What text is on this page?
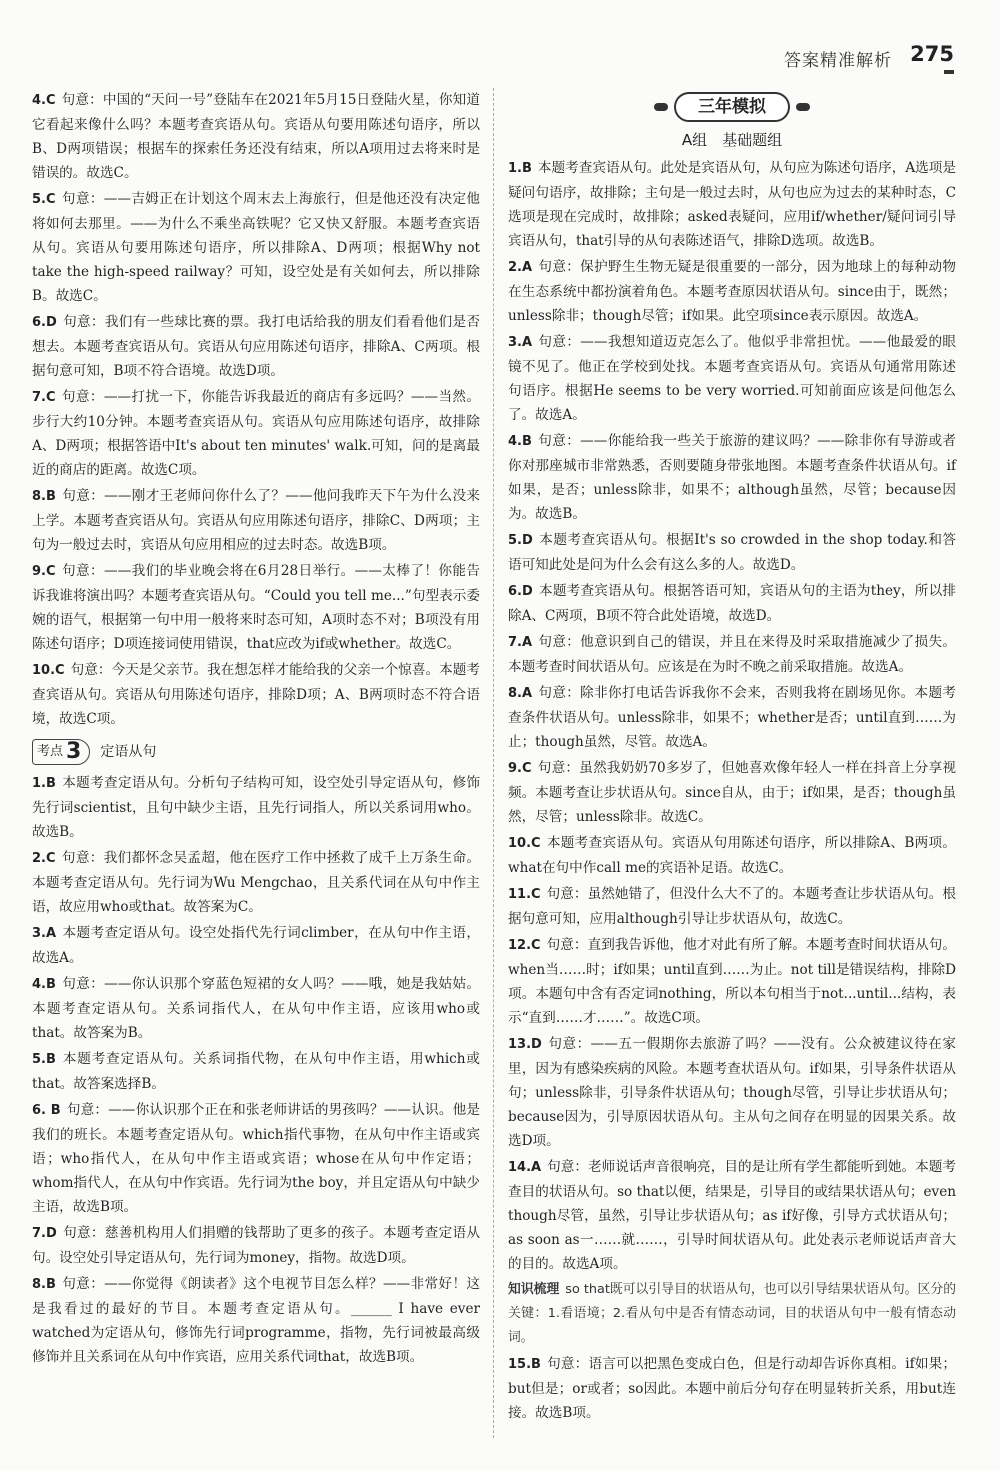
答案精准解析 275
4.C 句意：中国的“天问一号”登陆车在2021年5月15日登陆火星，你知道它看起来像什么吗？本题考查宾语从句。宾语从句要用陈述句语序，所以B、D两项错误；根据车的探索任务还没有结束，所以A项用过去将来时是错误的。故选C。
5.C 句意：——吉姆正在计划这个周末去上海旅行，但是他还没有决定他将如何去那里。——为什么不乘坐高铁呢？它又快又舒服。本题考查宾语从句。宾语从句要用陈述句语序，所以排除A、D两项；根据Why not take the high-speed railway？可知，设空处是有关如何去，所以排除B。故选C。
6.D 句意：我们有一些球比赛的票。我打电话给我的朋友们看看他们是否想去。本题考查宾语从句。宾语从句应用陈述句语序，排除A、C两项。根据句意可知，B项不符合语境。故选D项。
7.C 句意：——打扰一下，你能告诉我最近的商店有多远吗？——当然。步行大约10分钟。本题考查宾语从句。宾语从句应用陈述句语序，故排除A、D两项；根据答语中It's about ten minutes' walk.可知，问的是离最近的商店的距离。故选C项。
8.B 句意：——刚才王老师问你什么了？——他问我昨天下午为什么没来上学。本题考查宾语从句。宾语从句应用陈述句语序，排除C、D两项；主句为一般过去时，宾语从句应用相应的过去时态。故选B项。
9.C 句意：——我们的毕业晚会将在6月28日举行。——太棒了！你能告诉我谁将演出吗？本题考查宾语从句。“Could you tell me...”句型表示委婉的语气，根据第一句中用一般将来时态可知，A项时态不对；B项没有用陈述句语序；D项连接词使用错误，that应改为if或whether。故选C。
10.C 句意：今天是父亲节。我在想怎样才能给我的父亲一个惊喜。本题考查宾语从句。宾语从句用陈述句语序，排除D项；A、B两项时态不符合语境，故选C项。
考点 3 定语从句
1.B 本题考查定语从句。分析句子结构可知，设空处引导定语从句，修饰先行词scientist，且句中缺少主语，且先行词指人，所以关系词用who。故选B。
2.C 句意：我们都怀念吴孟超，他在医疗工作中拯救了成千上万条生命。本题考查定语从句。先行词为Wu Mengchao，且关系代词在从句中作主语，故应用who或that。故答案为C。
3.A 本题考查定语从句。设空处指代先行词climber，在从句中作主语，故选A。
4.B 句意：——你认识那个穿蓝色短裙的女人吗？——哦，她是我姑姑。本题考查定语从句。关系词指代人，在从句中作主语，应该用who或that。故答案为B。
5.B 本题考查定语从句。关系词指代物，在从句中作主语，用which或that。故答案选择B。
6. B 句意：——你认识那个正在和张老师讲话的男孩吗？——认识。他是我们的班长。本题考查定语从句。which指代事物，在从句中作主语或宾语；who指代人，在从句中作主语或宾语；whose在从句中作定语；whom指代人，在从句中作宾语。先行词为the boy，并且定语从句中缺少主语，故选B项。
7.D 句意：慈善机构用人们捐赠的钱帮助了更多的孩子。本题考查定语从句。设空处引导定语从句，先行词为money，指物。故选D项。
8.B 句意：——你觉得《朗读者》这个电视节目怎么样？——非常好！这是我看过的最好的节目。本题考查定语从句。______ I have ever watched为定语从句，修饰先行词programme，指物，先行词被最高级修饰并且关系词在从句中作宾语，应用关系代词that，故选B项。
三年模拟
A组　基础题组
1.B 本题考查宾语从句。此处是宾语从句，从句应为陈述句语序，A选项是疑问句语序，故排除；主句是一般过去时，从句也应为过去的某种时态，C选项是现在完成时，故排除；asked表疑问，应用if/whether/疑问词引导宾语从句，that引导的从句表陈述语气，排除D选项。故选B。
2.A 句意：保护野生生物无疑是很重要的一部分，因为地球上的每种动物在生态系统中都扮演着角色。本题考查原因状语从句。since由于，既然；unless除非；though尽管；if如果。此空项since表示原因。故选A。
3.A 句意：——我想知道迈克怎么了。他似乎非常担忧。——他最爱的眼镜不见了。他正在学校到处找。本题考查宾语从句。宾语从句通常用陈述句语序。根据He seems to be very worried.可知前面应该是问他怎么了。故选A。
4.B 句意：——你能给我一些关于旅游的建议吗？——除非你有导游或者你对那座城市非常熟悉，否则要随身带张地图。本题考查条件状语从句。if如果，是否；unless除非，如果不；although虽然，尽管；because因为。故选B。
5.D 本题考查宾语从句。根据It's so crowded in the shop today.和答语可知此处是问为什么会有这么多的人。故选D。
6.D 本题考查宾语从句。根据答语可知，宾语从句的主语为they，所以排除A、C两项，B项不符合此处语境，故选D。
7.A 句意：他意识到自己的错误，并且在来得及时采取措施减少了损失。本题考查时间状语从句。应该是在为时不晚之前采取措施。故选A。
8.A 句意：除非你打电话告诉我你不会来，否则我将在剧场见你。本题考查条件状语从句。unless除非，如果不；whether是否；until直到……为止；though虽然，尽管。故选A。
9.C 句意：虽然我奶奶70多岁了，但她喜欢像年轻人一样在抖音上分享视频。本题考查让步状语从句。since自从，由于；if如果，是否；though虽然，尽管；unless除非。故选C。
10.C 本题考查宾语从句。宾语从句用陈述句语序，所以排除A、B两项。what在句中作call me的宾语补足语。故选C。
11.C 句意：虽然她错了，但没什么大不了的。本题考查让步状语从句。根据句意可知，应用although引导让步状语从句，故选C。
12.C 句意：直到我告诉他，他才对此有所了解。本题考查时间状语从句。when当……时；if如果；until直到……为止。not till是错误结构，排除D项。本题句中含有否定词nothing，所以本句相当于not...until...结构，表示“直到……才……”。故选C项。
13.D 句意：——五一假期你去旅游了吗？——没有。公众被建议待在家里，因为有感染疾病的风险。本题考查状语从句。if如果，引导条件状语从句；unless除非，引导条件状语从句；though尽管，引导让步状语从句；because因为，引导原因状语从句。主从句之间存在明显的因果关系。故选D项。
14.A 句意：老师说话声音很响亮，目的是让所有学生都能听到她。本题考查目的状语从句。so that以便，结果是，引导目的或结果状语从句；even though尽管，虽然，引导让步状语从句；as if好像，引导方式状语从句；as soon as一……就……，引导时间状语从句。此处表示老师说话声音大的目的。故选A项。
知识梳理 so that既可以引导目的状语从句，也可以引导结果状语从句。区分的关键：1.看语境；2.看从句中是否有情态动词，目的状语从句中一般有情态动词。
15.B 句意：语言可以把黑色变成白色，但是行动却告诉你真相。if如果；but但是；or或者；so因此。本题中前后分句存在明显转折关系，用but连接。故选B项。
